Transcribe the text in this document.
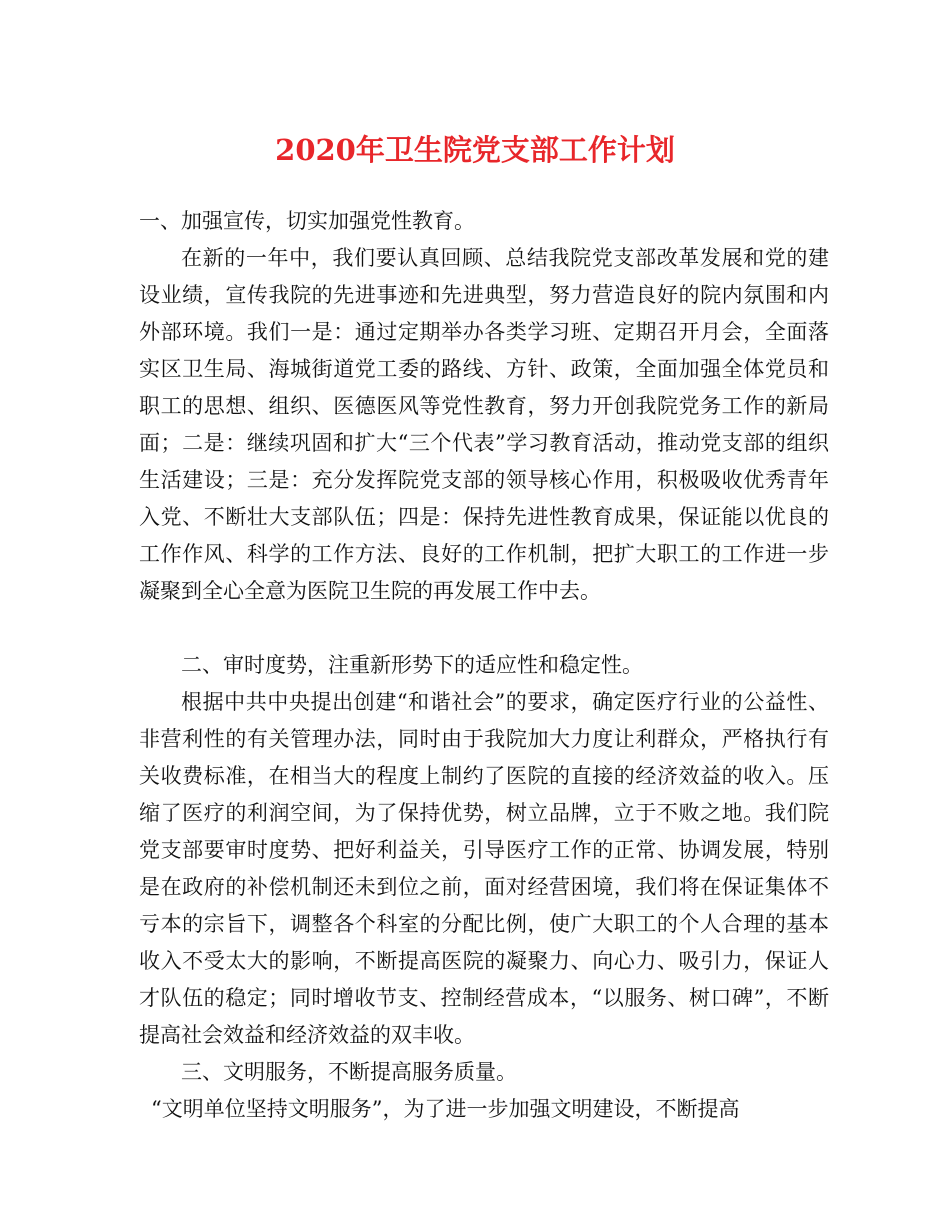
2020年卫生院党支部工作计划

一、加强宣传，切实加强党性教育。

在新的一年中，我们要认真回顾、总结我院党支部改革发展和党的建设业绩，宣传我院的先进事迹和先进典型，努力营造良好的院内氛围和内外部环境。我们一是：通过定期举办各类学习班、定期召开月会，全面落实区卫生局、海城街道党工委的路线、方针、政策，全面加强全体党员和职工的思想、组织、医德医风等党性教育，努力开创我院党务工作的新局面；二是：继续巩固和扩大“三个代表”学习教育活动，推动党支部的组织生活建设；三是：充分发挥院党支部的领导核心作用，积极吸收优秀青年入党、不断壮大支部队伍；四是：保持先进性教育成果，保证能以优良的工作作风、科学的工作方法、良好的工作机制，把扩大职工的工作进一步凝聚到全心全意为医院卫生院的再发展工作中去。

二、审时度势，注重新形势下的适应性和稳定性。

根据中共中央提出创建“和谐社会”的要求，确定医疗行业的公益性、非营利性的有关管理办法，同时由于我院加大力度让利群众，严格执行有关收费标准，在相当大的程度上制约了医院的直接的经济效益的收入。压缩了医疗的利润空间，为了保持优势，树立品牌，立于不败之地。我们院党支部要审时度势、把好利益关，引导医疗工作的正常、协调发展，特别是在政府的补偿机制还未到位之前，面对经营困境，我们将在保证集体不亏本的宗旨下，调整各个科室的分配比例，使广大职工的个人合理的基本收入不受太大的影响，不断提高医院的凝聚力、向心力、吸引力，保证人才队伍的稳定；同时增收节支、控制经营成本，“以服务、树口碑”，不断提高社会效益和经济效益的双丰收。

三、文明服务，不断提高服务质量。

“文明单位坚持文明服务”，为了进一步加强文明建设，不断提高
